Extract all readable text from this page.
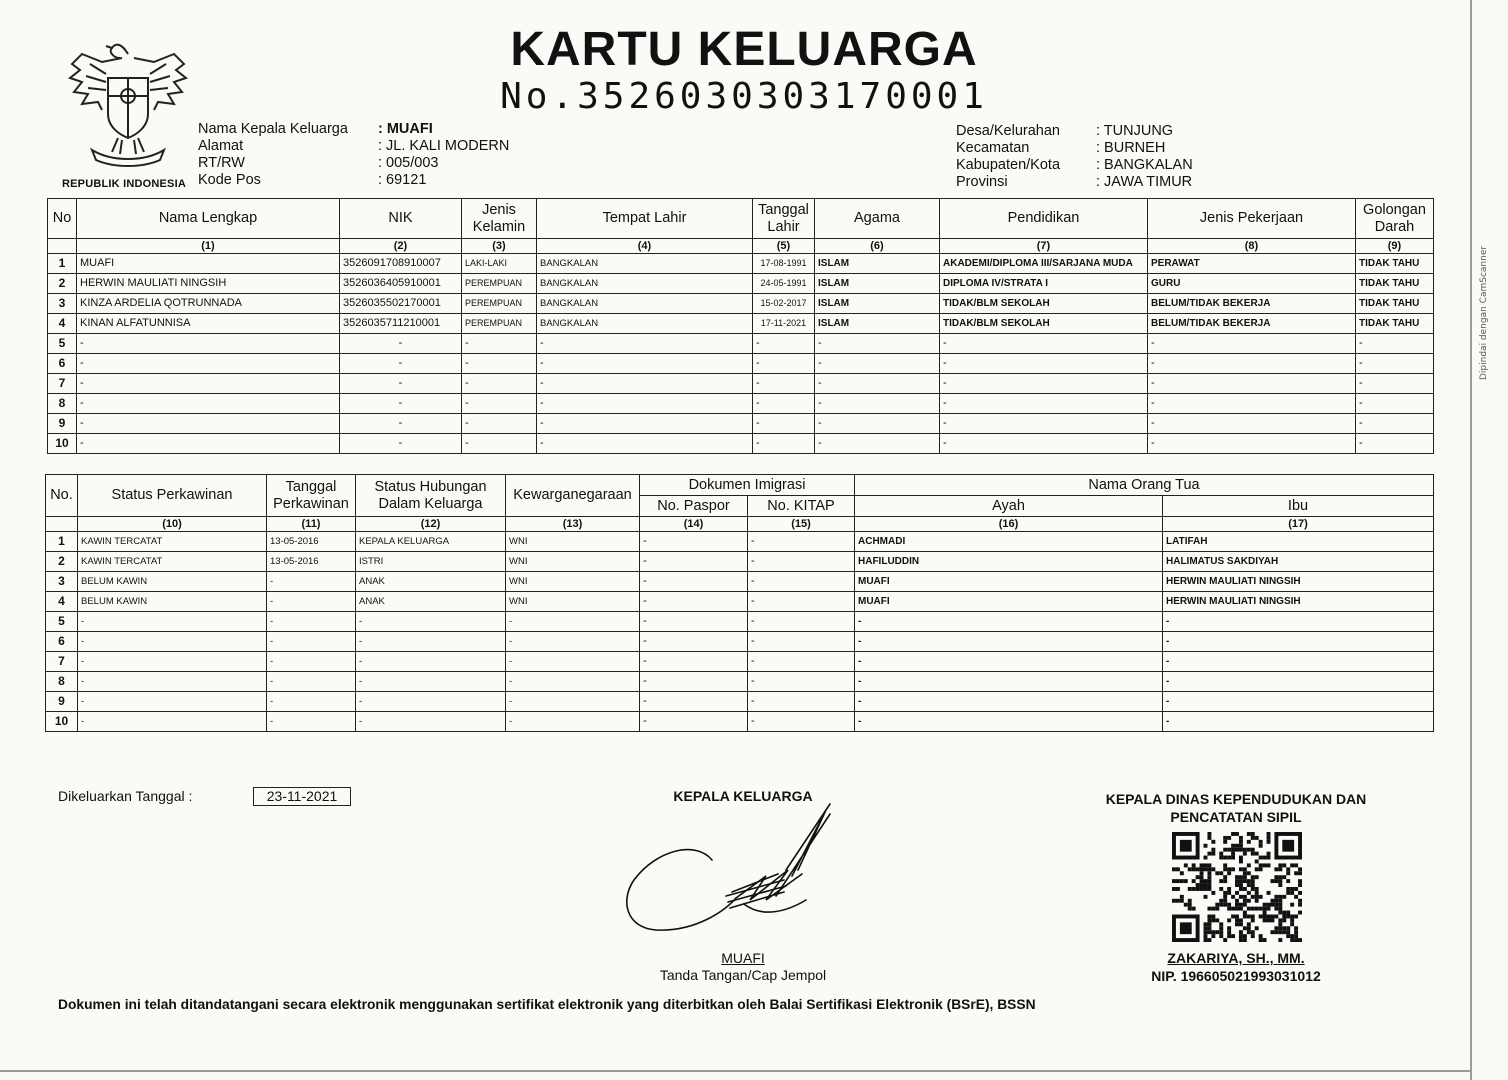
Dipindai dengan CamScanner
REPUBLIK INDONESIA
KARTU KELUARGA
No.3526030303170001
Nama Kepala Keluarga	: MUAFI
Alamat	: JL. KALI MODERN
RT/RW	: 005/003
Kode Pos	: 69121
Desa/Kelurahan	: TUNJUNG
Kecamatan	: BURNEH
Kabupaten/Kota	: BANGKALAN
Provinsi	: JAWA TIMUR
No	Nama Lengkap	NIK	Jenis Kelamin	Tempat Lahir	Tanggal Lahir	Agama	Pendidikan	Jenis Pekerjaan	Golongan Darah
	(1)	(2)	(3)	(4)	(5)	(6)	(7)	(8)	(9)
1	MUAFI	3526091708910007	LAKI-LAKI	BANGKALAN	17-08-1991	ISLAM	AKADEMI/DIPLOMA III/SARJANA MUDA	PERAWAT	TIDAK TAHU
2	HERWIN MAULIATI NINGSIH	3526036405910001	PEREMPUAN	BANGKALAN	24-05-1991	ISLAM	DIPLOMA IV/STRATA I	GURU	TIDAK TAHU
3	KINZA ARDELIA QOTRUNNADA	3526035502170001	PEREMPUAN	BANGKALAN	15-02-2017	ISLAM	TIDAK/BLM SEKOLAH	BELUM/TIDAK BEKERJA	TIDAK TAHU
4	KINAN ALFATUNNISA	3526035711210001	PEREMPUAN	BANGKALAN	17-11-2021	ISLAM	TIDAK/BLM SEKOLAH	BELUM/TIDAK BEKERJA	TIDAK TAHU
5	-	-	-	-	-	-	-	-	-
6	-	-	-	-	-	-	-	-	-
7	-	-	-	-	-	-	-	-	-
8	-	-	-	-	-	-	-	-	-
9	-	-	-	-	-	-	-	-	-
10	-	-	-	-	-	-	-	-	-
No.	Status Perkawinan	Tanggal Perkawinan	Status Hubungan Dalam Keluarga	Kewarganegaraan	Dokumen Imigrasi		Nama Orang Tua	
					No. Paspor	No. KITAP	Ayah	Ibu
	(10)	(11)	(12)	(13)	(14)	(15)	(16)	(17)
1	KAWIN TERCATAT	13-05-2016	KEPALA KELUARGA	WNI	-	-	ACHMADI	LATIFAH
2	KAWIN TERCATAT	13-05-2016	ISTRI	WNI	-	-	HAFILUDDIN	HALIMATUS SAKDIYAH
3	BELUM KAWIN	-	ANAK	WNI	-	-	MUAFI	HERWIN MAULIATI NINGSIH
4	BELUM KAWIN	-	ANAK	WNI	-	-	MUAFI	HERWIN MAULIATI NINGSIH
5	-	-	-	-	-	-	-	-
6	-	-	-	-	-	-	-	-
7	-	-	-	-	-	-	-	-
8	-	-	-	-	-	-	-	-
9	-	-	-	-	-	-	-	-
10	-	-	-	-	-	-	-	-
Dikeluarkan Tanggal :	23-11-2021	KEPALA KELUARGA
MUAFI
Tanda Tangan/Cap Jempol
KEPALA DINAS KEPENDUDUKAN DAN PENCATATAN SIPIL
ZAKARIYA, SH., MM.
NIP. 196605021993031012
Dokumen ini telah ditandatangani secara elektronik menggunakan sertifikat elektronik yang diterbitkan oleh Balai Sertifikasi Elektronik (BSrE), BSSN
